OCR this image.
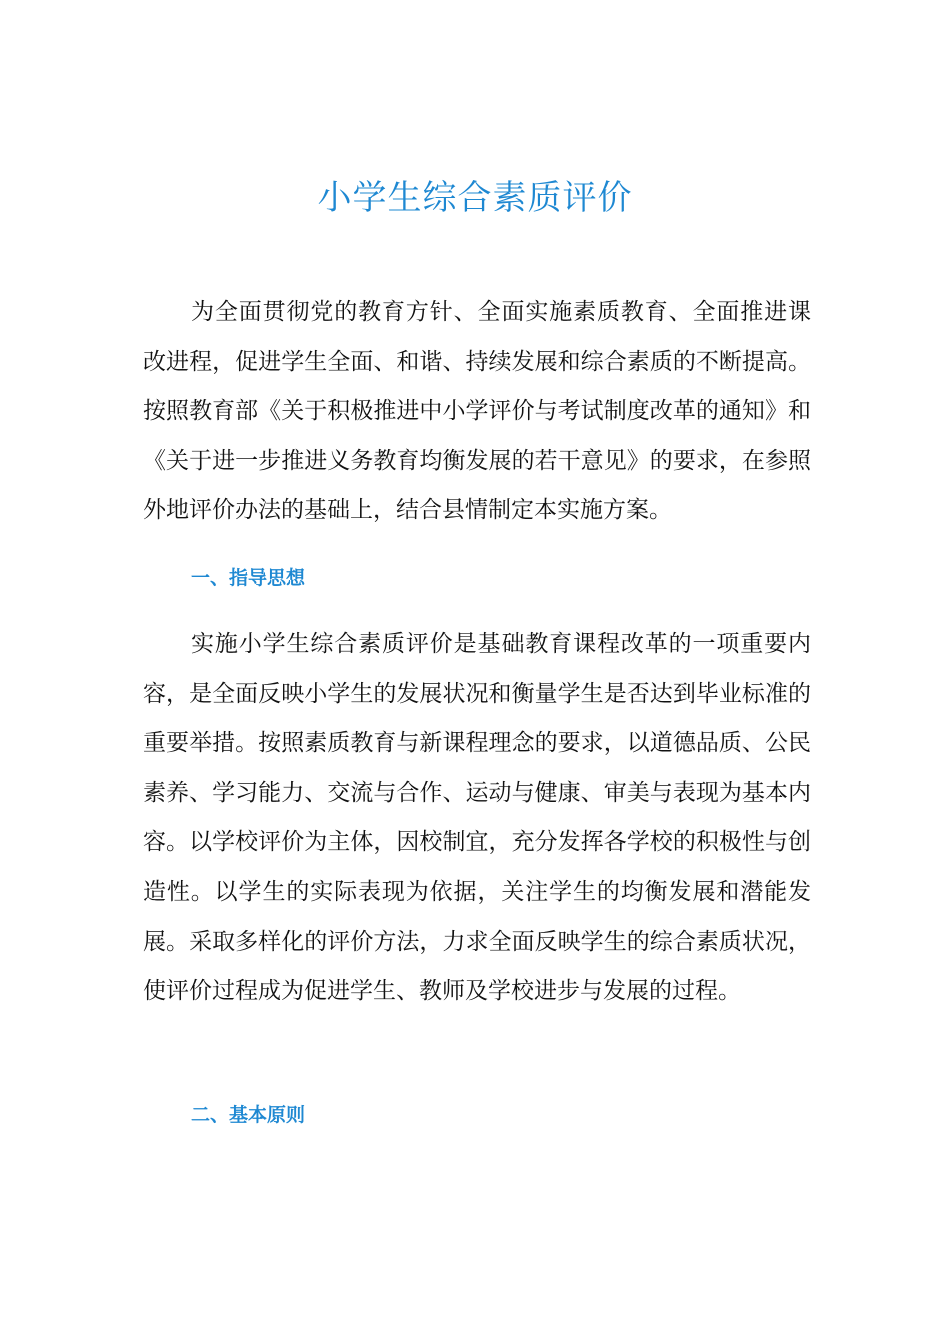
小学生综合素质评价

为全面贯彻党的教育方针、全面实施素质教育、全面推进课改进程，促进学生全面、和谐、持续发展和综合素质的不断提高。按照教育部《关于积极推进中小学评价与考试制度改革的通知》和《关于进一步推进义务教育均衡发展的若干意见》的要求，在参照外地评价办法的基础上，结合县情制定本实施方案。

一、指导思想

实施小学生综合素质评价是基础教育课程改革的一项重要内容，是全面反映小学生的发展状况和衡量学生是否达到毕业标准的重要举措。按照素质教育与新课程理念的要求，以道德品质、公民素养、学习能力、交流与合作、运动与健康、审美与表现为基本内容。以学校评价为主体，因校制宜，充分发挥各学校的积极性与创造性。以学生的实际表现为依据，关注学生的均衡发展和潜能发展。采取多样化的评价方法，力求全面反映学生的综合素质状况，使评价过程成为促进学生、教师及学校进步与发展的过程。

二、基本原则
